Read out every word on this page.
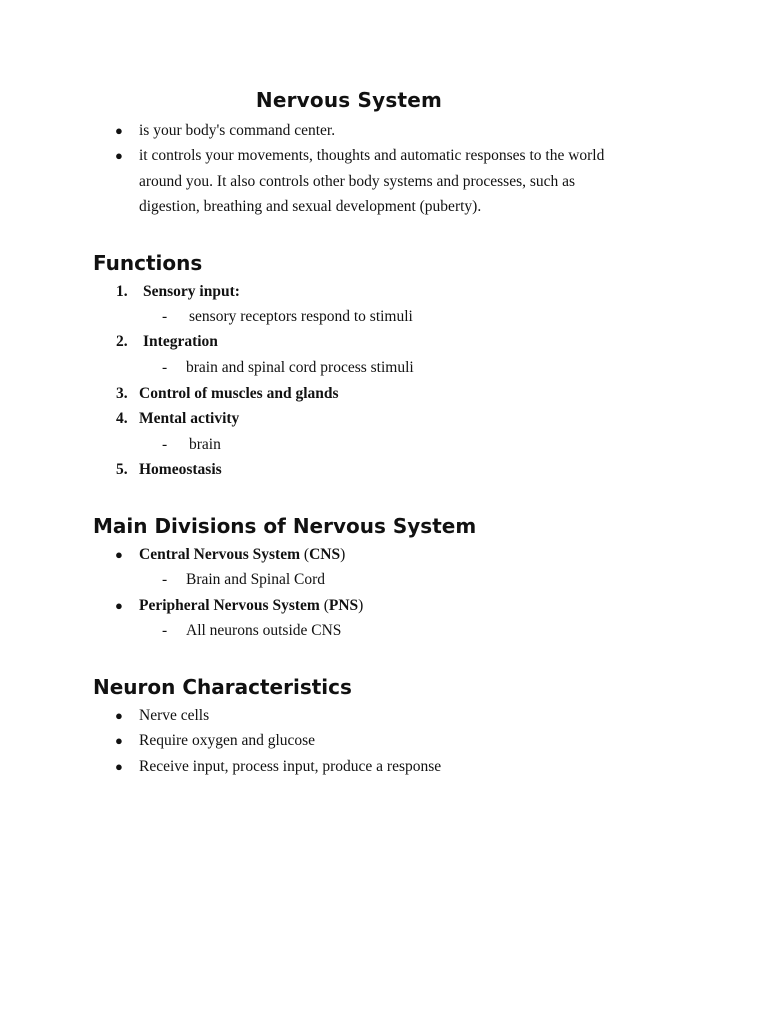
Nervous System
● is your body's command center.
● it controls your movements, thoughts and automatic responses to the world
around you. It also controls other body systems and processes, such as
digestion, breathing and sexual development (puberty).
Functions
1. Sensory input:
- sensory receptors respond to stimuli
2. Integration
- brain and spinal cord process stimuli
3. Control of muscles and glands
4. Mental activity
- brain
5. Homeostasis
Main Divisions of Nervous System
● Central Nervous System (CNS)
- Brain and Spinal Cord
● Peripheral Nervous System (PNS)
- All neurons outside CNS
Neuron Characteristics
● Nerve cells
● Require oxygen and glucose
● Receive input, process input, produce a response
